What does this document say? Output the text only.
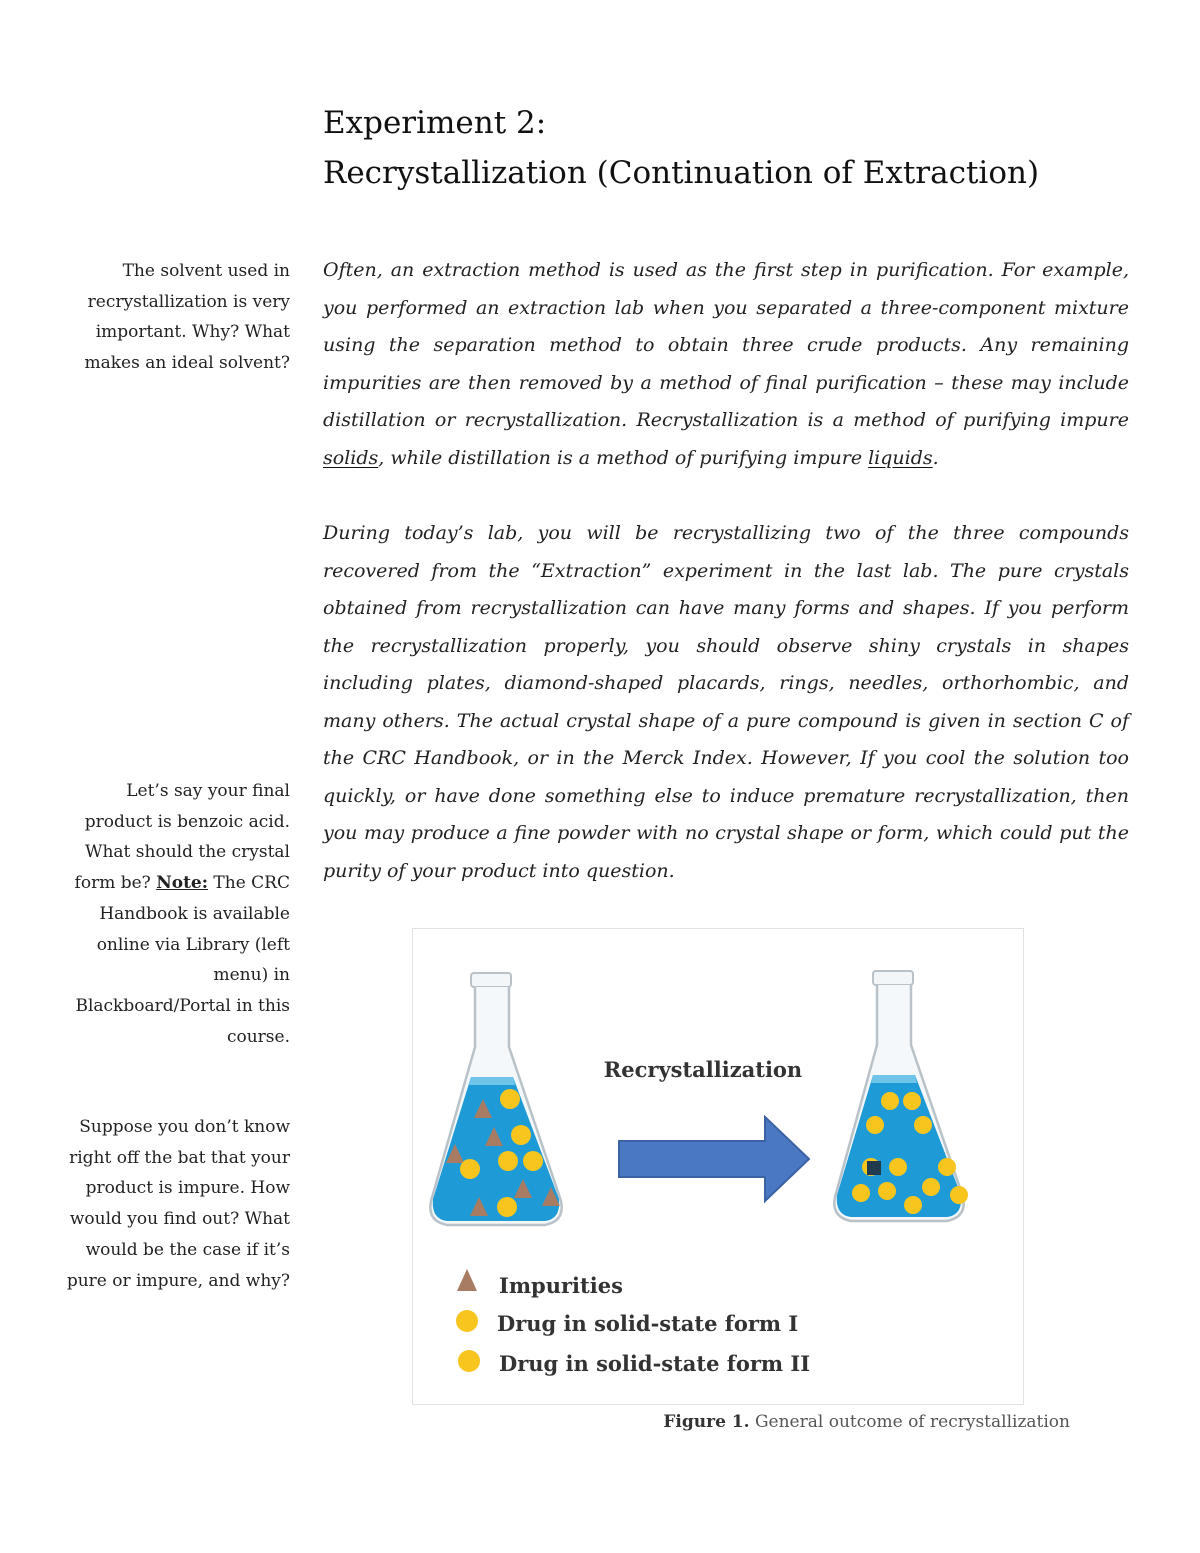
Experiment 2:
Recrystallization (Continuation of Extraction)

The solvent used in recrystallization is very important. Why? What makes an ideal solvent?

Let’s say your final product is benzoic acid. What should the crystal form be? Note: The CRC Handbook is available online via Library (left menu) in Blackboard/Portal in this course.

Suppose you don’t know right off the bat that your product is impure. How would you find out? What would be the case if it’s pure or impure, and why?

Often, an extraction method is used as the first step in purification. For example, you performed an extraction lab when you separated a three-component mixture using the separation method to obtain three crude products. Any remaining impurities are then removed by a method of final purification – these may include distillation or recrystallization. Recrystallization is a method of purifying impure solids, while distillation is a method of purifying impure liquids.

During today’s lab, you will be recrystallizing two of the three compounds recovered from the “Extraction” experiment in the last lab. The pure crystals obtained from recrystallization can have many forms and shapes. If you perform the recrystallization properly, you should observe shiny crystals in shapes including plates, diamond-shaped placards, rings, needles, orthorhombic, and many others. The actual crystal shape of a pure compound is given in section C of the CRC Handbook, or in the Merck Index. However, If you cool the solution too quickly, or have done something else to induce premature recrystallization, then you may produce a fine powder with no crystal shape or form, which could put the purity of your product into question.

Recrystallization
Impurities
Drug in solid-state form I
Drug in solid-state form II
Figure 1. General outcome of recrystallization
